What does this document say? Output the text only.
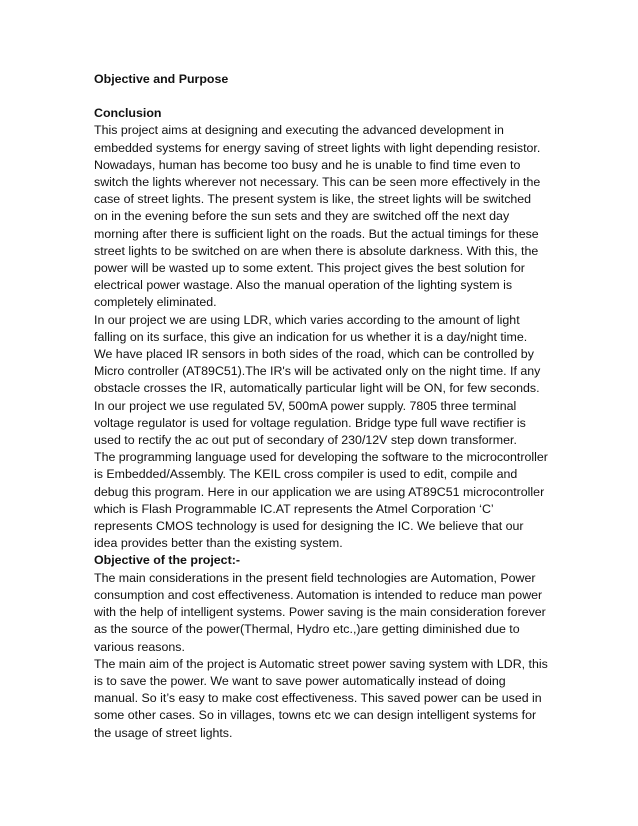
Objective and Purpose

Conclusion

This project aims at designing and executing the advanced development in embedded systems for energy saving of street lights with light depending resistor. Nowadays, human has become too busy and he is unable to find time even to switch the lights wherever not necessary. This can be seen more effectively in the case of street lights. The present system is like, the street lights will be switched on in the evening before the sun sets and they are switched off the next day morning after there is sufficient light on the roads. But the actual timings for these street lights to be switched on are when there is absolute darkness. With this, the power will be wasted up to some extent. This project gives the best solution for electrical power wastage. Also the manual operation of the lighting system is completely eliminated.

In our project we are using LDR, which varies according to the amount of light falling on its surface, this give an indication for us whether it is a day/night time. We have placed IR sensors in both sides of the road, which can be controlled by Micro controller (AT89C51).The IR's will be activated only on the night time. If any obstacle crosses the IR, automatically particular light will be ON, for few seconds.

In our project we use regulated 5V, 500mA power supply. 7805 three terminal voltage regulator is used for voltage regulation. Bridge type full wave rectifier is used to rectify the ac out put of secondary of 230/12V step down transformer.

The programming language used for developing the software to the microcontroller is Embedded/Assembly. The KEIL cross compiler is used to edit, compile and debug this program. Here in our application we are using AT89C51 microcontroller which is Flash Programmable IC.AT represents the Atmel Corporation ‘C’ represents CMOS technology is used for designing the IC. We believe that our idea provides better than the existing system.

Objective of the project:-

The main considerations in the present field technologies are Automation, Power consumption and cost effectiveness. Automation is intended to reduce man power with the help of intelligent systems. Power saving is the main consideration forever as the source of the power(Thermal, Hydro etc.,)are getting diminished due to various reasons.

The main aim of the project is Automatic street power saving system with LDR, this is to save the power. We want to save power automatically instead of doing manual. So it’s easy to make cost effectiveness. This saved power can be used in some other cases. So in villages, towns etc we can design intelligent systems for the usage of street lights.
